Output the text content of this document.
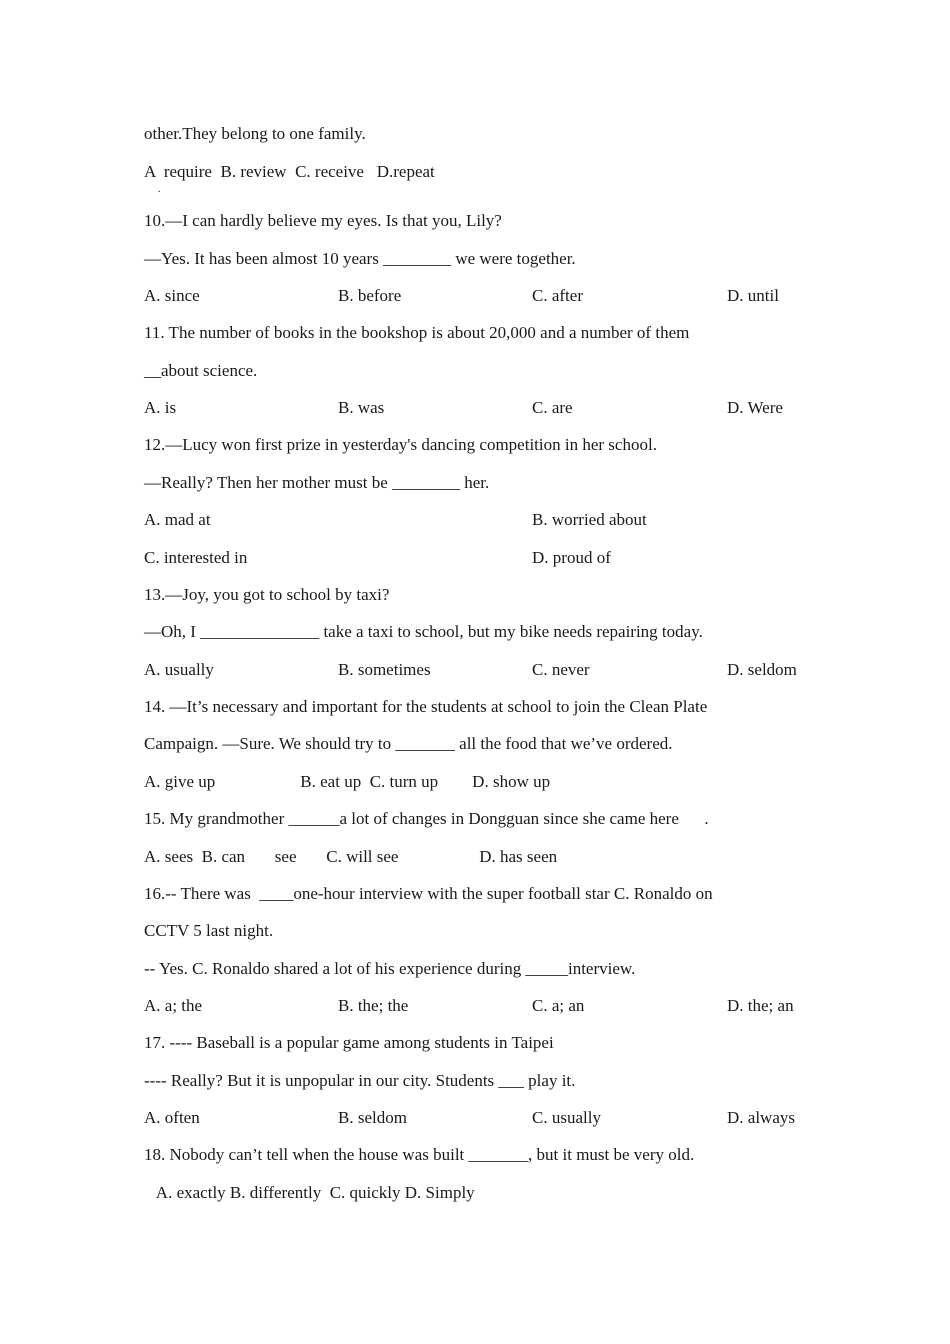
other.They belong to one family.
A  require  B. review  C. receive   D.repeat
.
10.—I can hardly believe my eyes. Is that you, Lily?
—Yes. It has been almost 10 years ________ we were together.
A. since	B. before	C. after	D. until
11. The number of books in the bookshop is about 20,000 and a number of them
__about science.
A. is	B. was	C. are	D. Were
12.—Lucy won first prize in yesterday's dancing competition in her school.
—Really? Then her mother must be ________ her.
A. mad at	B. worried about
C. interested in	D. proud of
13.—Joy, you got to school by taxi?
—Oh, I ______________ take a taxi to school, but my bike needs repairing today.
A. usually	B. sometimes	C. never	D. seldom
14. —It’s necessary and important for the students at school to join the Clean Plate
Campaign. —Sure. We should try to _______ all the food that we’ve ordered.
A. give up                    B. eat up  C. turn up        D. show up
15. My grandmother ______a lot of changes in Dongguan since she came here      .
A. sees  B. can       see       C. will see                   D. has seen
16.-- There was  ____one-hour interview with the super football star C. Ronaldo on
CCTV 5 last night.
-- Yes. C. Ronaldo shared a lot of his experience during _____interview.
A. a; the	B. the; the	C. a; an	D. the; an
17. ---- Baseball is a popular game among students in Taipei
---- Really? But it is unpopular in our city. Students ___ play it.
A. often	B. seldom	C. usually	D. always
18. Nobody can’t tell when the house was built _______, but it must be very old.
A. exactly B. differently  C. quickly D. Simply
